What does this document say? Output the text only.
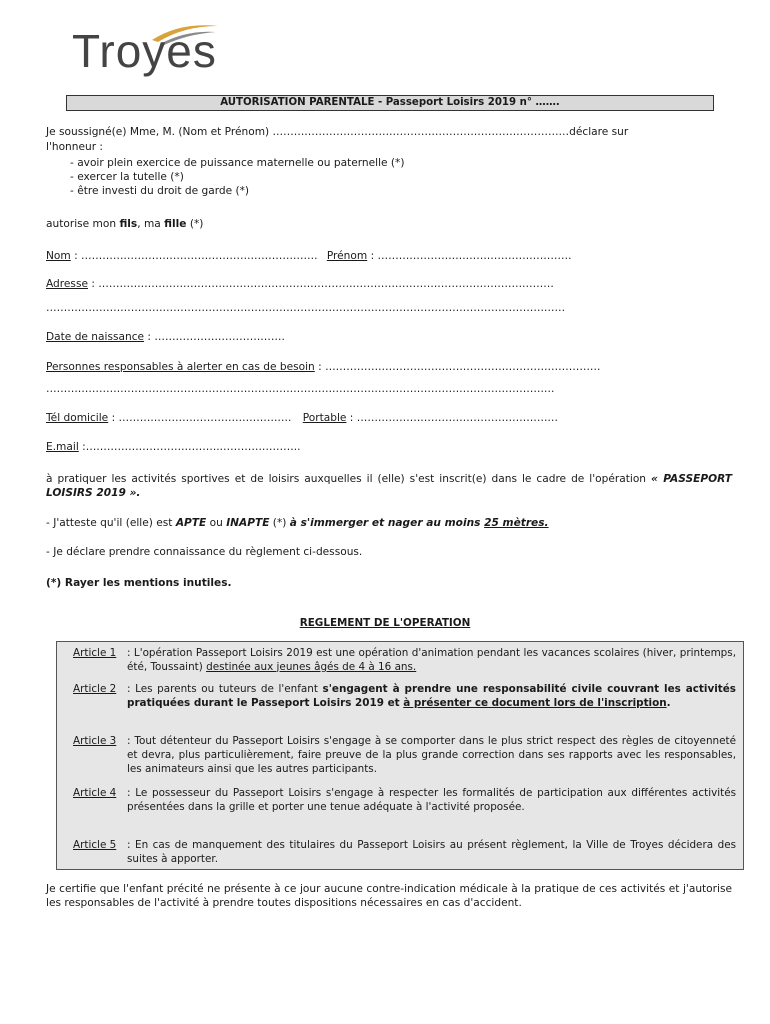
Troyes
AUTORISATION PARENTALE - Passeport Loisirs 2019 n° …….
Je soussigné(e) Mme, M. (Nom et Prénom) …………………………………………………………………………déclare sur
l'honneur :
- avoir plein exercice de puissance maternelle ou paternelle (*)
- exercer la tutelle (*)
- être investi du droit de garde (*)
autorise mon fils, ma fille (*)
Nom : …………………………………………………………. Prénom : …………………….…………………………
Adresse : …………………………………………………………………………………………………………………
…………………………………………………………………………………………………………………………………
Date de naissance : ……………………………….
Personnes responsables à alerter en cas de besoin : ……………………………………………………………………
………………………………………………………………………………………………………………………………
Tél domicile : …………………………………………. Portable : …………………………………………………
E.mail :………………………………..…………………..
à pratiquer les activités sportives et de loisirs auxquelles il (elle) s'est inscrit(e) dans le cadre de l'opération « PASSEPORT LOISIRS 2019 ».
- J'atteste qu'il (elle) est APTE ou INAPTE (*) à s'immerger et nager au moins 25 mètres.
- Je déclare prendre connaissance du règlement ci-dessous.
(*) Rayer les mentions inutiles.
REGLEMENT DE L'OPERATION
Article 1 : L'opération Passeport Loisirs 2019 est une opération d'animation pendant les vacances scolaires (hiver, printemps, été, Toussaint) destinée aux jeunes âgés de 4 à 16 ans.
Article 2 : Les parents ou tuteurs de l'enfant s'engagent à prendre une responsabilité civile couvrant les activités pratiquées durant le Passeport Loisirs 2019 et à présenter ce document lors de l'inscription.
Article 3 : Tout détenteur du Passeport Loisirs s'engage à se comporter dans le plus strict respect des règles de citoyenneté et devra, plus particulièrement, faire preuve de la plus grande correction dans ses rapports avec les responsables, les animateurs ainsi que les autres participants.
Article 4 : Le possesseur du Passeport Loisirs s'engage à respecter les formalités de participation aux différentes activités présentées dans la grille et porter une tenue adéquate à l'activité proposée.
Article 5 : En cas de manquement des titulaires du Passeport Loisirs au présent règlement, la Ville de Troyes décidera des suites à apporter.
Je certifie que l'enfant précité ne présente à ce jour aucune contre-indication médicale à la pratique de ces activités et j'autorise les responsables de l'activité à prendre toutes dispositions nécessaires en cas d'accident.
